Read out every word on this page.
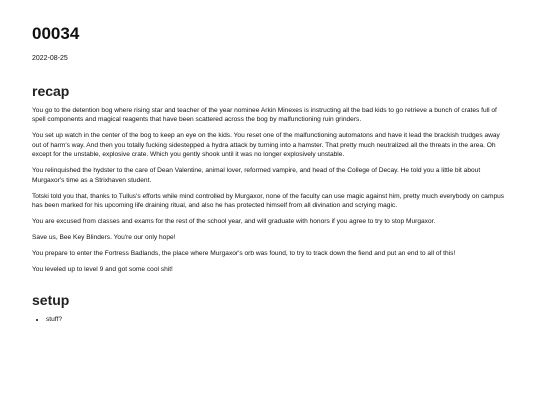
00034
2022-08-25
recap

You go to the detention bog where rising star and teacher of the year nominee Arkin Minexes is instructing all the bad kids to go retrieve a bunch of crates full of spell components and magical reagents that have been scattered across the bog by malfunctioning ruin grinders.

You set up watch in the center of the bog to keep an eye on the kids. You reset one of the malfunctioning automatons and have it lead the brackish trudges away out of harm's way. And then you totally fucking sidestepped a hydra attack by turning into a hamster. That pretty much neutralized all the threats in the area. Oh except for the unstable, explosive crate. Which you gently shook until it was no longer explosively unstable.

You relinquished the hydster to the care of Dean Valentine, animal lover, reformed vampire, and head of the College of Decay. He told you a little bit about Murgaxor's time as a Strixhaven student.

Totski told you that, thanks to Tullus's efforts while mind controlled by Murgaxor, none of the faculty can use magic against him, pretty much everybody on campus has been marked for his upcoming life draining ritual, and also he has protected himself from all divination and scrying magic.

You are excused from classes and exams for the rest of the school year, and will graduate with honors if you agree to try to stop Murgaxor.

Save us, Bee Key Blinders. You're our only hope!

You prepare to enter the Fortress Badlands, the place where Murgaxor's orb was found, to try to track down the fiend and put an end to all of this!

You leveled up to level 9 and got some cool shit!

setup
• stuff?
